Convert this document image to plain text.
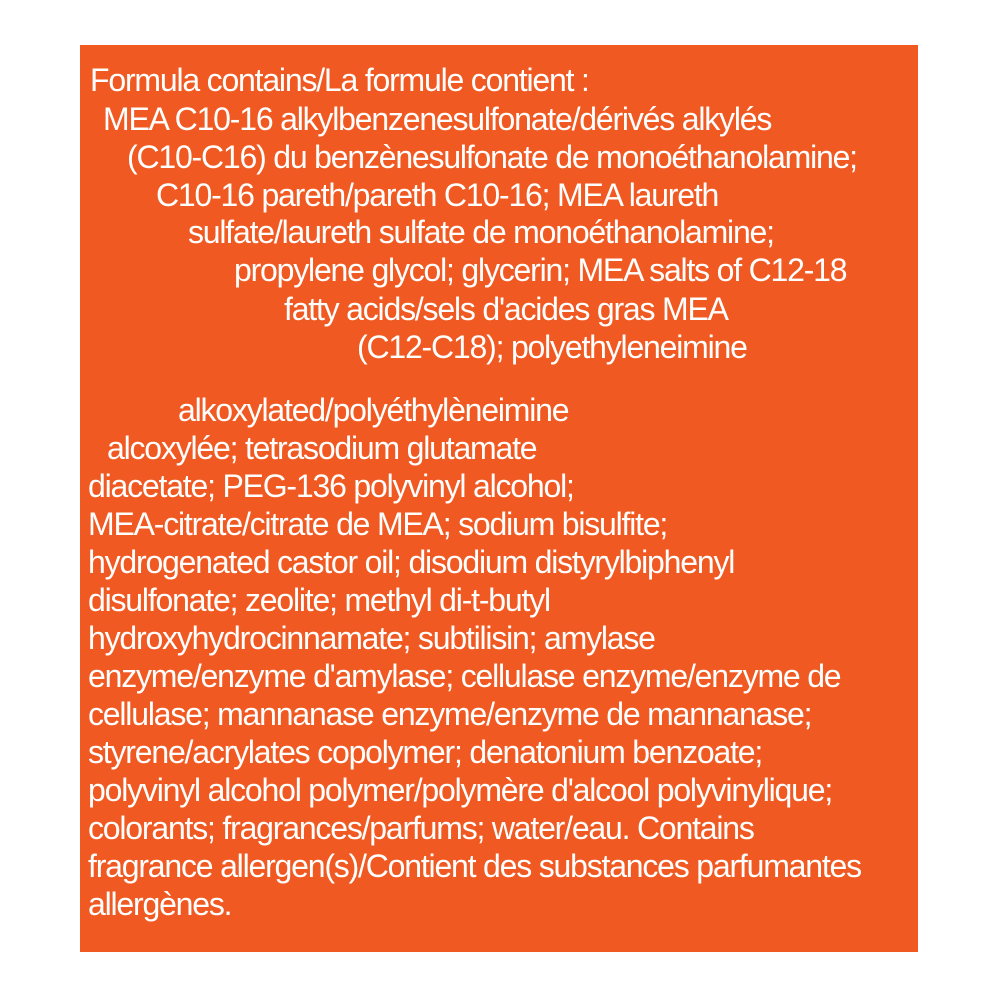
Formula contains/La formule contient :
MEA C10-16 alkylbenzenesulfonate/dérivés alkylés
(C10-C16) du benzènesulfonate de monoéthanolamine;
C10-16 pareth/pareth C10-16; MEA laureth
sulfate/laureth sulfate de monoéthanolamine;
propylene glycol; glycerin; MEA salts of C12-18
fatty acids/sels d'acides gras MEA
(C12-C18); polyethyleneimine
alkoxylated/polyéthylèneimine
alcoxylée; tetrasodium glutamate
diacetate; PEG-136 polyvinyl alcohol;
MEA-citrate/citrate de MEA; sodium bisulfite;
hydrogenated castor oil; disodium distyrylbiphenyl
disulfonate; zeolite; methyl di-t-butyl
hydroxyhydrocinnamate; subtilisin; amylase
enzyme/enzyme d'amylase; cellulase enzyme/enzyme de
cellulase; mannanase enzyme/enzyme de mannanase;
styrene/acrylates copolymer; denatonium benzoate;
polyvinyl alcohol polymer/polymère d'alcool polyvinylique;
colorants; fragrances/parfums; water/eau. Contains
fragrance allergen(s)/Contient des substances parfumantes
allergènes.
